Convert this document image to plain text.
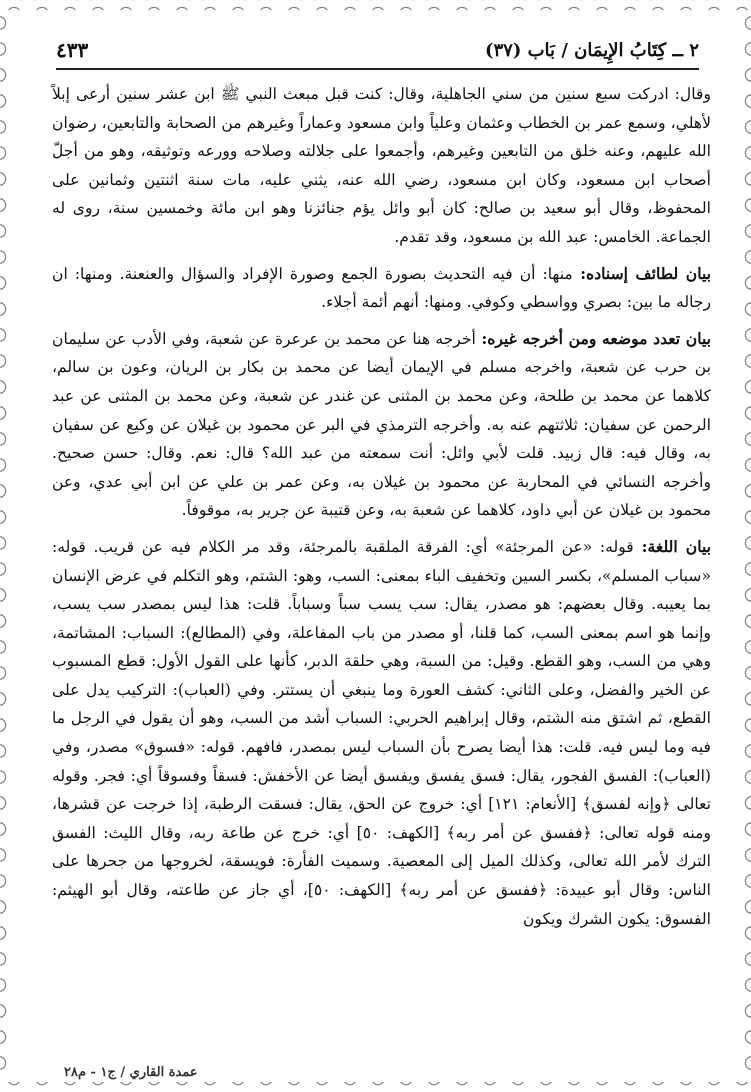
٢ ــ كِتَابُ الإِيمَان / بَاب (٣٧)
٤٣٣

وقال: ادركت سبع سنين من سني الجاهلية، وقال: كنت قبل مبعث النبي ﷺ ابن عشر سنين أرعى إبلاً لأهلي، وسمع عمر بن الخطاب وعثمان وعلياً وابن مسعود وعماراً وغيرهم من الصحابة والتابعين، رضوان الله عليهم، وعنه خلق من التابعين وغيرهم، وأجمعوا على جلالته وصلاحه وورعه وتوثيقه، وهو من أجلّ أصحاب ابن مسعود، وكان ابن مسعود، رضي الله عنه، يثني عليه، مات سنة اثنتين وثمانين على المحفوظ، وقال أبو سعيد بن صالح: كان أبو وائل يؤم جنائزنا وهو ابن مائة وخمسين سنة، روى له الجماعة. الخامس: عبد الله بن مسعود، وقد تقدم.

بيان لطائف إسناده: منها: أن فيه التحديث بصورة الجمع وصورة الإفراد والسؤال والعنعنة. ومنها: ان رجاله ما بين: بصري وواسطي وكوفي. ومنها: أنهم أئمة أجلاء.

بيان تعدد موضعه ومن أخرجه غيره: أخرجه هنا عن محمد بن عرعرة عن شعبة، وفي الأدب عن سليمان بن حرب عن شعبة، واخرجه مسلم في الإيمان أيضا عن محمد بن بكار بن الريان، وعون بن سالم، كلاهما عن محمد بن طلحة، وعن محمد بن المثنى عن غندر عن شعبة، وعن محمد بن المثنى عن عبد الرحمن عن سفيان: ثلاثتهم عنه به. وأخرجه الترمذي في البر عن محمود بن غيلان عن وكيع عن سفيان به، وقال فيه: قال زبيد. قلت لأبي وائل: أنت سمعته من عبد الله؟ قال: نعم. وقال: حسن صحيح. وأخرجه النسائي في المحاربة عن محمود بن غيلان به، وعن عمر بن علي عن ابن أبي عدي، وعن محمود بن غيلان عن أبي داود، كلاهما عن شعبة به، وعن قتيبة عن جرير به، موقوفاً.

بيان اللغة: قوله: «عن المرجئة» أي: الفرقة الملقبة بالمرجئة، وقد مر الكلام فيه عن قريب. قوله: «سباب المسلم»، بكسر السين وتخفيف الباء بمعنى: السب، وهو: الشتم، وهو التكلم في عرض الإنسان بما يعيبه. وقال بعضهم: هو مصدر، يقال: سب يسب سباً وسباباً. قلت: هذا ليس بمصدر سب يسب، وإنما هو اسم بمعنى السب، كما قلنا، أو مصدر من باب المفاعلة، وفي (المطالع): السباب: المشاتمة، وهي من السب، وهو القطع. وقيل: من السبة، وهي حلقة الدبر، كأنها على القول الأول: قطع المسبوب عن الخير والفضل، وعلى الثاني: كشف العورة وما ينبغي أن يستتر. وفي (العباب): التركيب يدل على القطع، ثم اشتق منه الشتم، وقال إبراهيم الحربي: السباب أشد من السب، وهو أن يقول في الرجل ما فيه وما ليس فيه. قلت: هذا أيضا يصرح بأن السباب ليس بمصدر، فافهم. قوله: «فسوق» مصدر، وفي (العباب): الفسق الفجور، يقال: فسق يفسق ويفسق أيضا عن الأخفش: فسقاً وفسوقاً أي: فجر. وقوله تعالى ﴿وإنه لفسق﴾ [الأنعام: ١٢١] أي: خروج عن الحق، يقال: فسقت الرطبة، إذا خرجت عن قشرها، ومنه قوله تعالى: ﴿ففسق عن أمر ربه﴾ [الكهف: ٥٠] أي: خرج عن طاعة ربه، وقال الليث: الفسق الترك لأمر الله تعالى، وكذلك الميل إلى المعصية. وسميت الفأرة: فويسقة، لخروجها من جحرها على الناس: وقال أبو عبيدة: ﴿ففسق عن أمر ربه﴾ [الكهف: ٥٠]، أي جاز عن طاعته، وقال أبو الهيثم: الفسوق: يكون الشرك ويكون

عمدة القاري / ج١ - م٢٨
